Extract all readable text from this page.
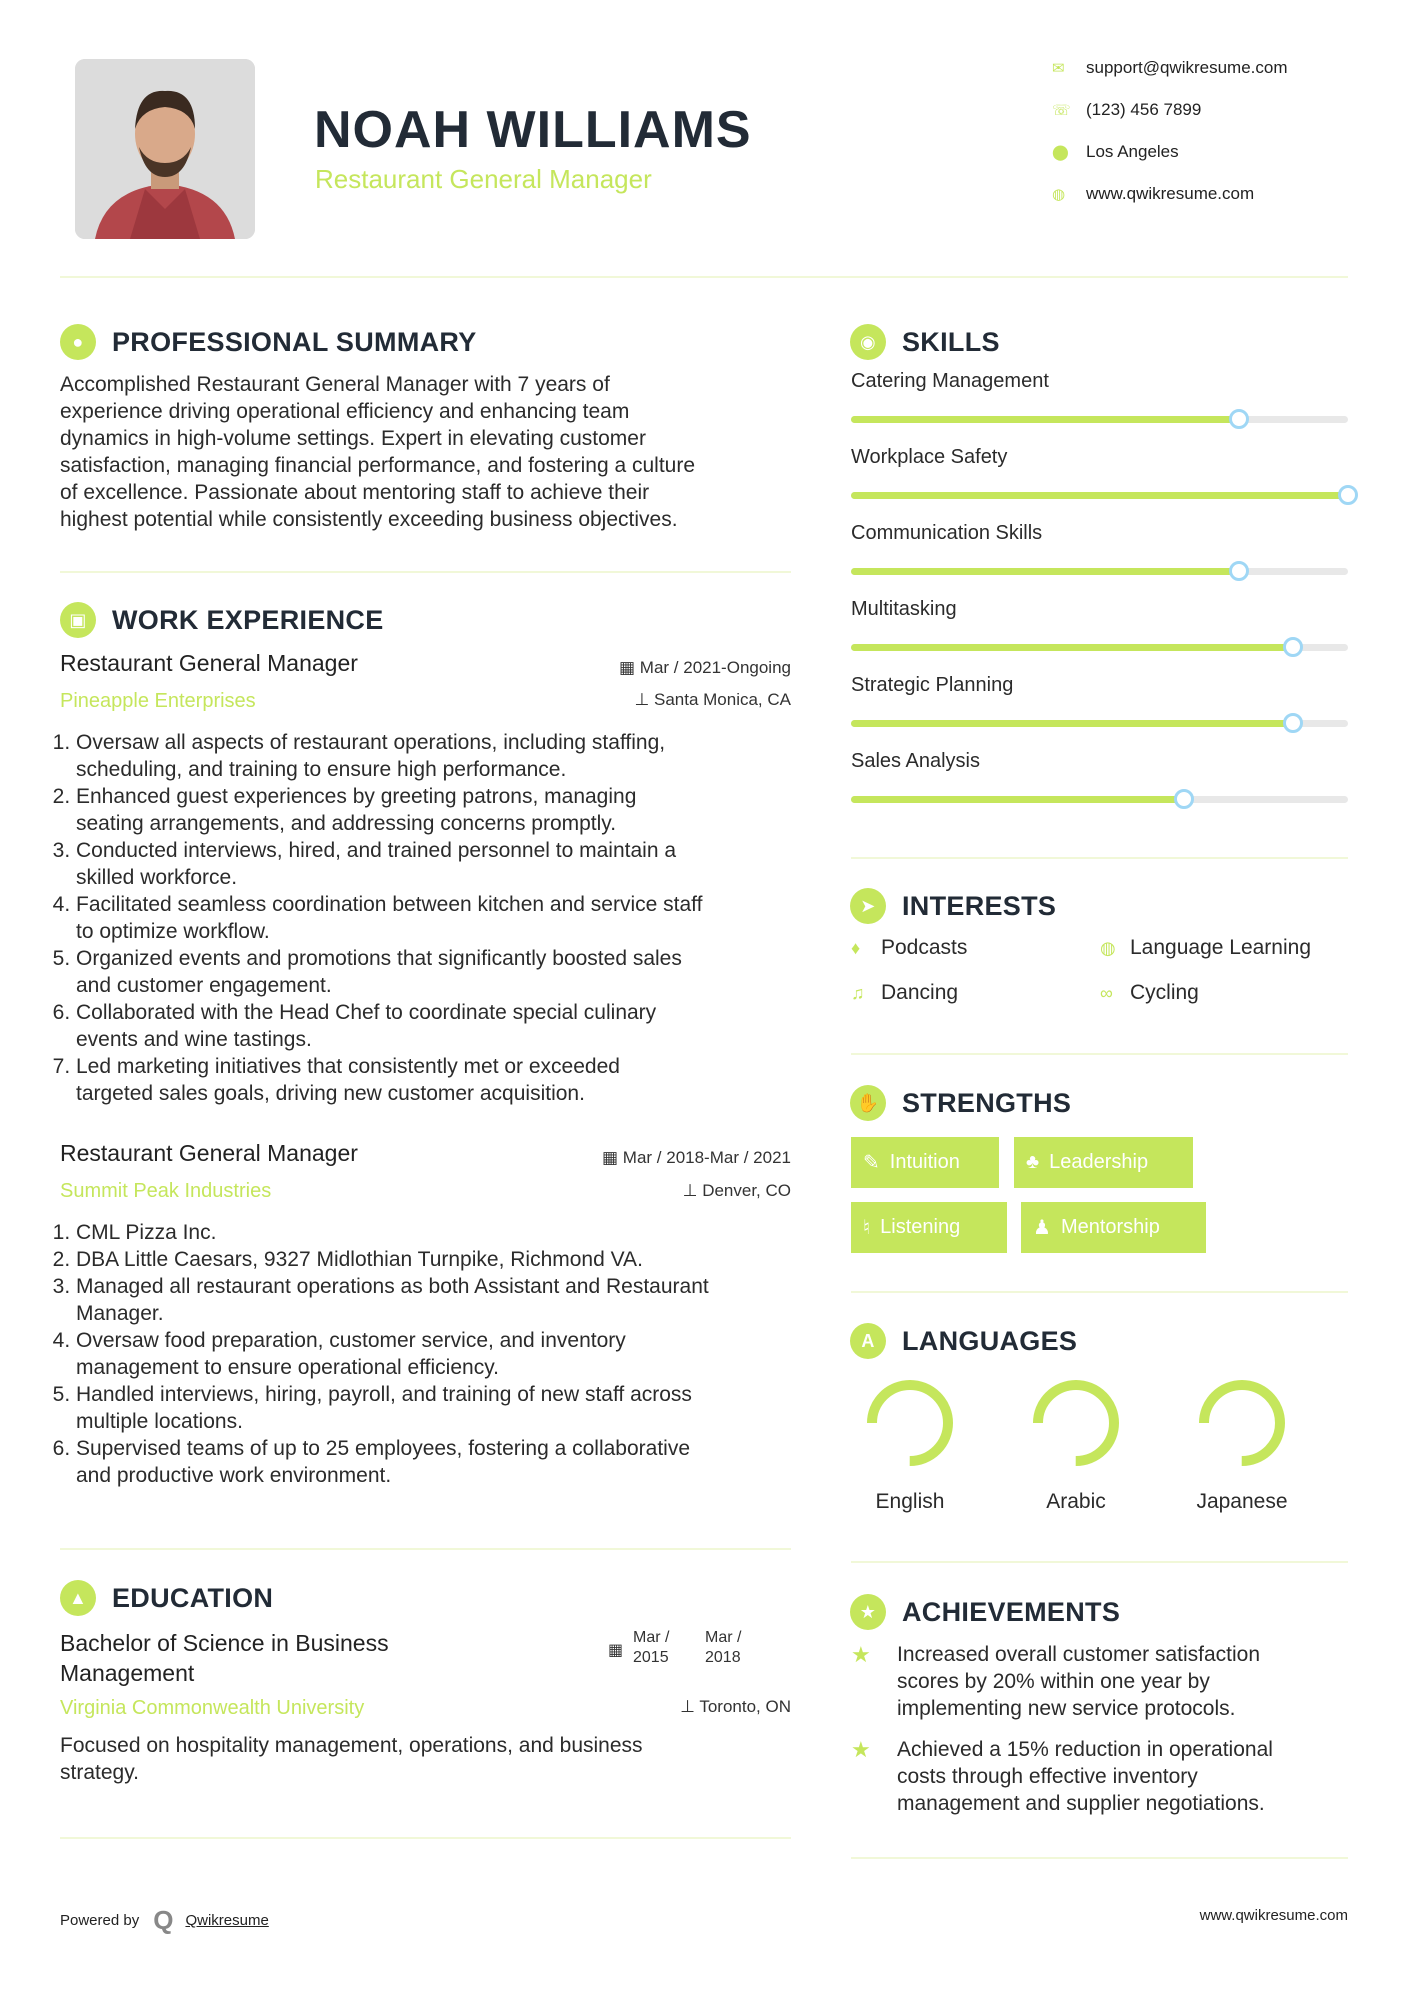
NOAH WILLIAMS
Restaurant General Manager
✉	support@qwikresume.com
☏ (123) 456 7899
⬤	Los Angeles
◍	www.qwikresume.com
●	PROFESSIONAL SUMMARY
Accomplished Restaurant General Manager with 7 years of
experience driving operational efficiency and enhancing team
dynamics in high-volume settings. Expert in elevating customer
satisfaction, managing financial performance, and fostering a culture
of excellence. Passionate about mentoring staff to achieve their
highest potential while consistently exceeding business objectives.
▣ WORK EXPERIENCE
Restaurant General Manager
Pineapple Enterprises
▦ Mar / 2021-Ongoing
⊥ Santa Monica, CA
1. Oversaw all aspects of restaurant operations, including staffing,
scheduling, and training to ensure high performance.
2. Enhanced guest experiences by greeting patrons, managing
seating arrangements, and addressing concerns promptly.
3. Conducted interviews, hired, and trained personnel to maintain a
skilled workforce.
4. Facilitated seamless coordination between kitchen and service staff
to optimize workflow.
5. Organized events and promotions that significantly boosted sales
and customer engagement.
6. Collaborated with the Head Chef to coordinate special culinary
events and wine tastings.
7. Led marketing initiatives that consistently met or exceeded
targeted sales goals, driving new customer acquisition.
Restaurant General Manager
Summit Peak Industries
▦ Mar / 2018-Mar / 2021
⊥ Denver, CO
1. CML Pizza Inc.
2. DBA Little Caesars, 9327 Midlothian Turnpike, Richmond VA.
3. Managed all restaurant operations as both Assistant and Restaurant
Manager.
4. Oversaw food preparation, customer service, and inventory
management to ensure operational efficiency.
5. Handled interviews, hiring, payroll, and training of new staff across
multiple locations.
6. Supervised teams of up to 25 employees, fostering a collaborative
and productive work environment.
▲ EDUCATION
Bachelor of Science in Business
Management
▦
Mar /
2015
Mar /
2018
Virginia Commonwealth University	⊥ Toronto, ON
Focused on hospitality management, operations, and business
strategy.
◉ SKILLS
Catering Management
Workplace Safety
Communication Skills
Multitasking
Strategic Planning
Sales Analysis
➤ INTERESTS
♦ Podcasts	◍ Language Learning
♫ Dancing	∞ Cycling
✋ STRENGTHS
✎ Intuition	♣ Leadership
♮ Listening	♟ Mentorship
A	LANGUAGES
English	Arabic	Japanese
★ ACHIEVEMENTS
★	Increased overall customer satisfaction
scores by 20% within one year by
implementing new service protocols.
★	Achieved a 15% reduction in operational
costs through effective inventory
management and supplier negotiations.
Powered by Q Qwikresume	www.qwikresume.com
